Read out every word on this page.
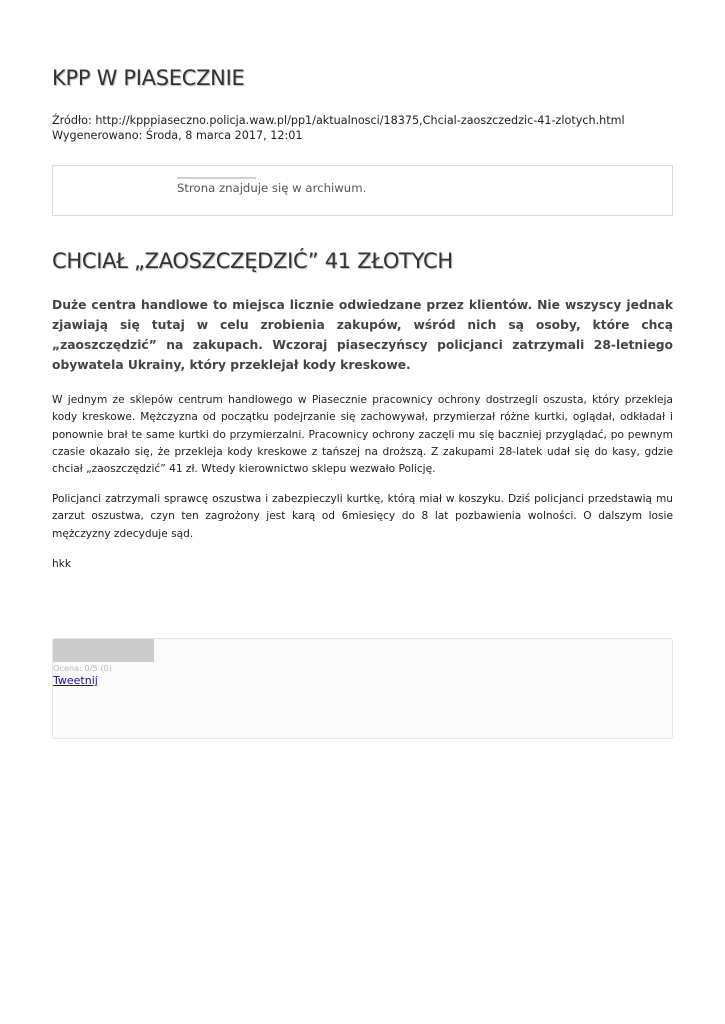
KPP W PIASECZNIE
Źródło: http://kpppiaseczno.policja.waw.pl/pp1/aktualnosci/18375,Chcial-zaoszczedzic-41-zlotych.html
Wygenerowano: Środa, 8 marca 2017, 12:01
Strona znajduje się w archiwum.
CHCIAŁ „ZAOSZCZĘDZIĆ” 41 ZŁOTYCH

Duże centra handlowe to miejsca licznie odwiedzane przez klientów. Nie wszyscy jednak zjawiają się tutaj w celu zrobienia zakupów, wśród nich są osoby, które chcą „zaoszczędzić” na zakupach. Wczoraj piaseczyńscy policjanci zatrzymali 28-letniego obywatela Ukrainy, który przeklejał kody kreskowe.

W jednym ze sklepów centrum handlowego w Piasecznie pracownicy ochrony dostrzegli oszusta, który przekleja kody kreskowe. Mężczyzna od początku podejrzanie się zachowywał, przymierzał różne kurtki, oglądał, odkładał i ponownie brał te same kurtki do przymierzalni. Pracownicy ochrony zaczęli mu się baczniej przyglądać, po pewnym czasie okazało się, że przekleja kody kreskowe z tańszej na droższą. Z zakupami 28-latek udał się do kasy, gdzie chciał „zaoszczędzić” 41 zł. Wtedy kierownictwo sklepu wezwało Policję.

Policjanci zatrzymali sprawcę oszustwa i zabezpieczyli kurtkę, którą miał w koszyku. Dziś policjanci przedstawią mu zarzut oszustwa, czyn ten zagrożony jest karą od 6miesięcy do 8 lat pozbawienia wolności. O dalszym losie mężczyzny zdecyduje sąd.

hkk

Ocena: 0/5 (0)
Tweetnij
